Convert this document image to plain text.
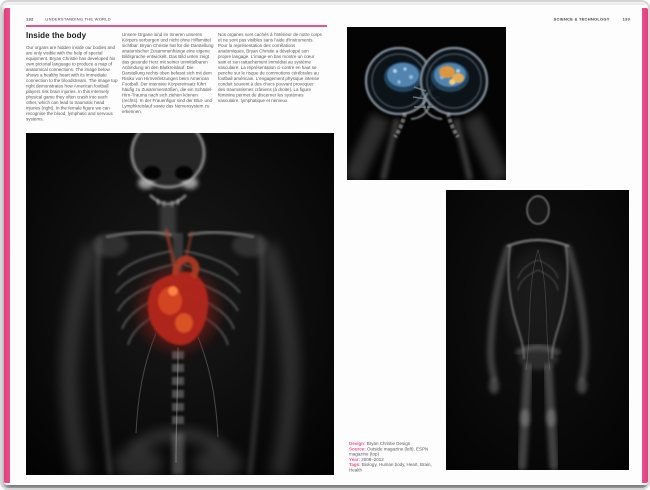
132 UNDERSTANDING THE WORLD	SCIENCE & TECHNOLOGY 133
Inside the body
Our organs are hidden inside our bodies and are only visible with the help of special equipment. Bryan Christie has developed his own pictorial language to produce a map of anatomical connections. The image below shows a healthy heart with its immediate connection to the bloodstream. The image top right demonstrates how American football players risk brain injuries. In this intensely physical game they often crash into each other, which can lead to traumatic head injuries (right). In the female figure we can recognise the blood, lymphatic and nervous systems.
Unsere Organe sind im Inneren unseres Körpers verborgen und nicht ohne Hilfsmittel sichtbar. Bryan Christie hat für die Darstellung anatomischer Zusammenhänge eine eigene Bildsprache entwickelt. Das Bild unten zeigt das gesunde Herz mit seiner unmittelbaren Anbindung an den Blutkreislauf. Die Darstellung rechts oben befasst sich mit dem Risiko von Hirnverletzungen beim American Football. Der intensive Körpereinsatz führt häufig zu Zusammenstößen, die ein Schädel-Hirn-Trauma nach sich ziehen können (rechts). In der Frauenfigur sind der Blut- und Lymphkreislauf sowie das Nervensystem zu erkennen.
Nos organes sont cachés à l'intérieur de notre corps et ne sont pas visibles sans l'aide d'instruments. Pour la représentation des corrélations anatomiques, Bryan Christie a développé son propre langage. L'image en bas montre un cœur sain et son rattachement immédiat au système vasculaire. La représentation ci-contre en haut se penche sur le risque de commotions cérébrales au football américain. L'engagement physique intense conduit souvent à des chocs pouvant provoquer des traumatismes crâniens (à droite). La figure féminine permet de discerner les systèmes vasculaire, lymphatique et nerveux.
Design: Bryan Christie Design
Source: Outside magazine (left), ESPN magazine (top)
Year: 2008–2012
Tags: Biology, Human body, Heart, Brain, Health
